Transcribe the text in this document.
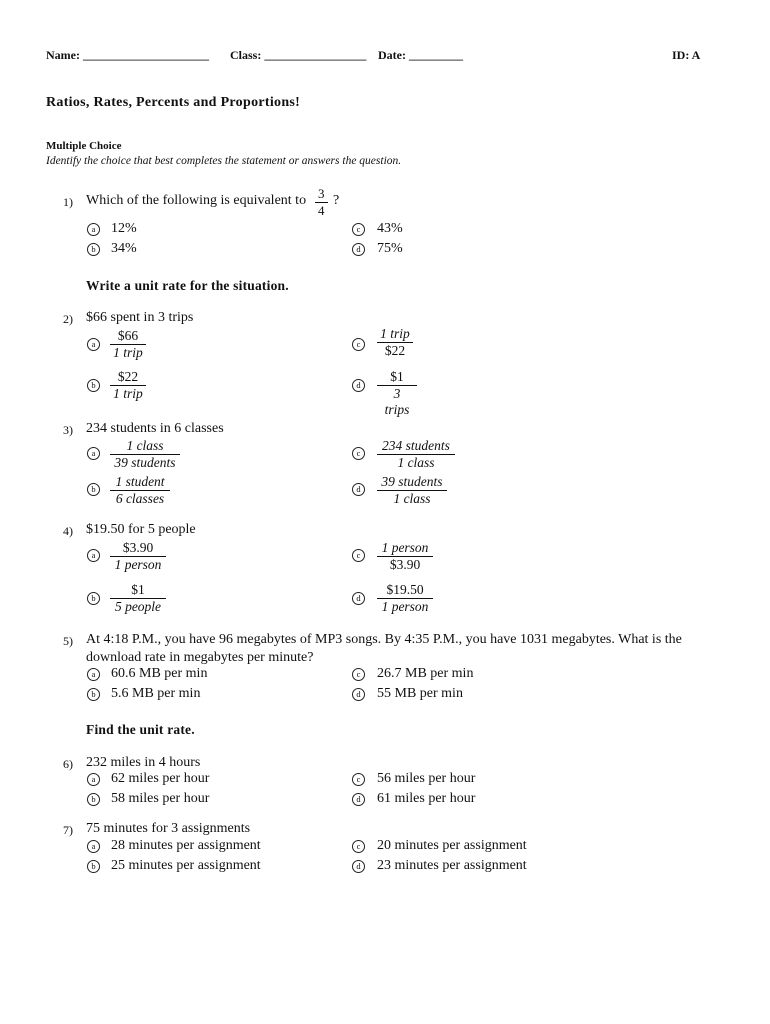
Name: _____________________ Class: _________________ Date: _________	ID: A
Ratios, Rates, Percents and Proportions!
Multiple Choice
Identify the choice that best completes the statement or answers the question.
1) Which of the following is equivalent to $\frac{3}{4}$ ?
a	12%
b	34%
c	43%
d	75%
Write a unit rate for the situation.
2) $66 spent in 3 trips
a
$66
1 trip
b
$22
1 trip
c
1 trip
$22
d
$1
3 trips
3) 234 students in 6 classes
a	1 class
39 students
b	1 student
6 classes
c	234 students
1 class
d	39 students
1 class
4) $19.50 for 5 people
a	$3.90
1 person
b
$1
5 people
c	1 person
$3.90
d
$19.50
1 person
5) At 4:18 P.M., you have 96 megabytes of MP3 songs. By 4:35 P.M., you have 1031 megabytes. What is the
download rate in megabytes per minute?
a	60.6 MB per min
b	5.6 MB per min
c	26.7 MB per min
d	55 MB per min
Find the unit rate.
6) 232 miles in 4 hours
a	62 miles per hour
b	58 miles per hour
c	56 miles per hour
d	61 miles per hour
7) 75 minutes for 3 assignments
a	28 minutes per assignment
b	25 minutes per assignment
c	20 minutes per assignment
d	23 minutes per assignment
